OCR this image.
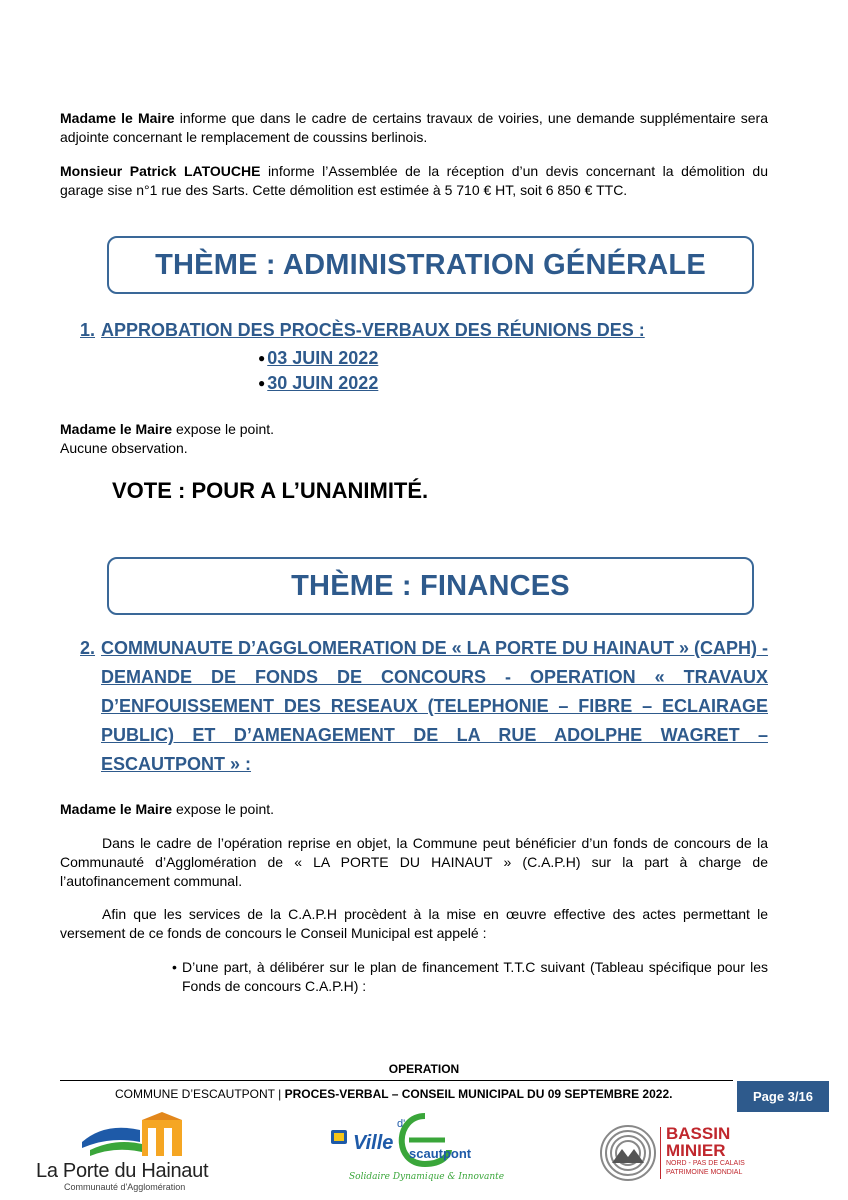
Madame le Maire informe que dans le cadre de certains travaux de voiries, une demande supplémentaire sera adjointe concernant le remplacement de coussins berlinois.

Monsieur Patrick LATOUCHE informe l’Assemblée de la réception d’un devis concernant la démolition du garage sise n°1 rue des Sarts. Cette démolition est estimée à 5 710 € HT, soit 6 850 € TTC.

THÈME : ADMINISTRATION GÉNÉRALE
1. APPROBATION DES PROCÈS-VERBAUX DES RÉUNIONS DES :
● 03 JUIN 2022
● 30 JUIN 2022

Madame le Maire expose le point.
Aucune observation.

VOTE : POUR A L’UNANIMITÉ.
THÈME : FINANCES
2. COMMUNAUTE D’AGGLOMERATION DE « LA PORTE DU HAINAUT » (CAPH) - DEMANDE DE FONDS DE CONCOURS - OPERATION « TRAVAUX D’ENFOUISSEMENT DES RESEAUX (TELEPHONIE – FIBRE – ECLAIRAGE PUBLIC) ET D’AMENAGEMENT DE LA RUE ADOLPHE WAGRET – ESCAUTPONT » :

Madame le Maire expose le point.

Dans le cadre de l’opération reprise en objet, la Commune peut bénéficier d’un fonds de concours de la Communauté d’Agglomération de « LA PORTE DU HAINAUT » (C.A.P.H) sur la part à charge de l’autofinancement communal.

Afin que les services de la C.A.P.H procèdent à la mise en œuvre effective des actes permettant le versement de ce fonds de concours le Conseil Municipal est appelé :

• D’une part, à délibérer sur le plan de financement T.T.C suivant (Tableau spécifique pour les Fonds de concours C.A.P.H) :
OPERATION
COMMUNE D’ESCAUTPONT | PROCES-VERBAL – CONSEIL MUNICIPAL DU 09 SEPTEMBRE 2022.	Page 3/16
La Porte du Hainaut
Communauté d'Agglomération
Ville
d'
scautpont
Solidaire Dynamique & Innovante
BASSIN
MINIER
NORD - PAS DE CALAIS
PATRIMOINE MONDIAL
